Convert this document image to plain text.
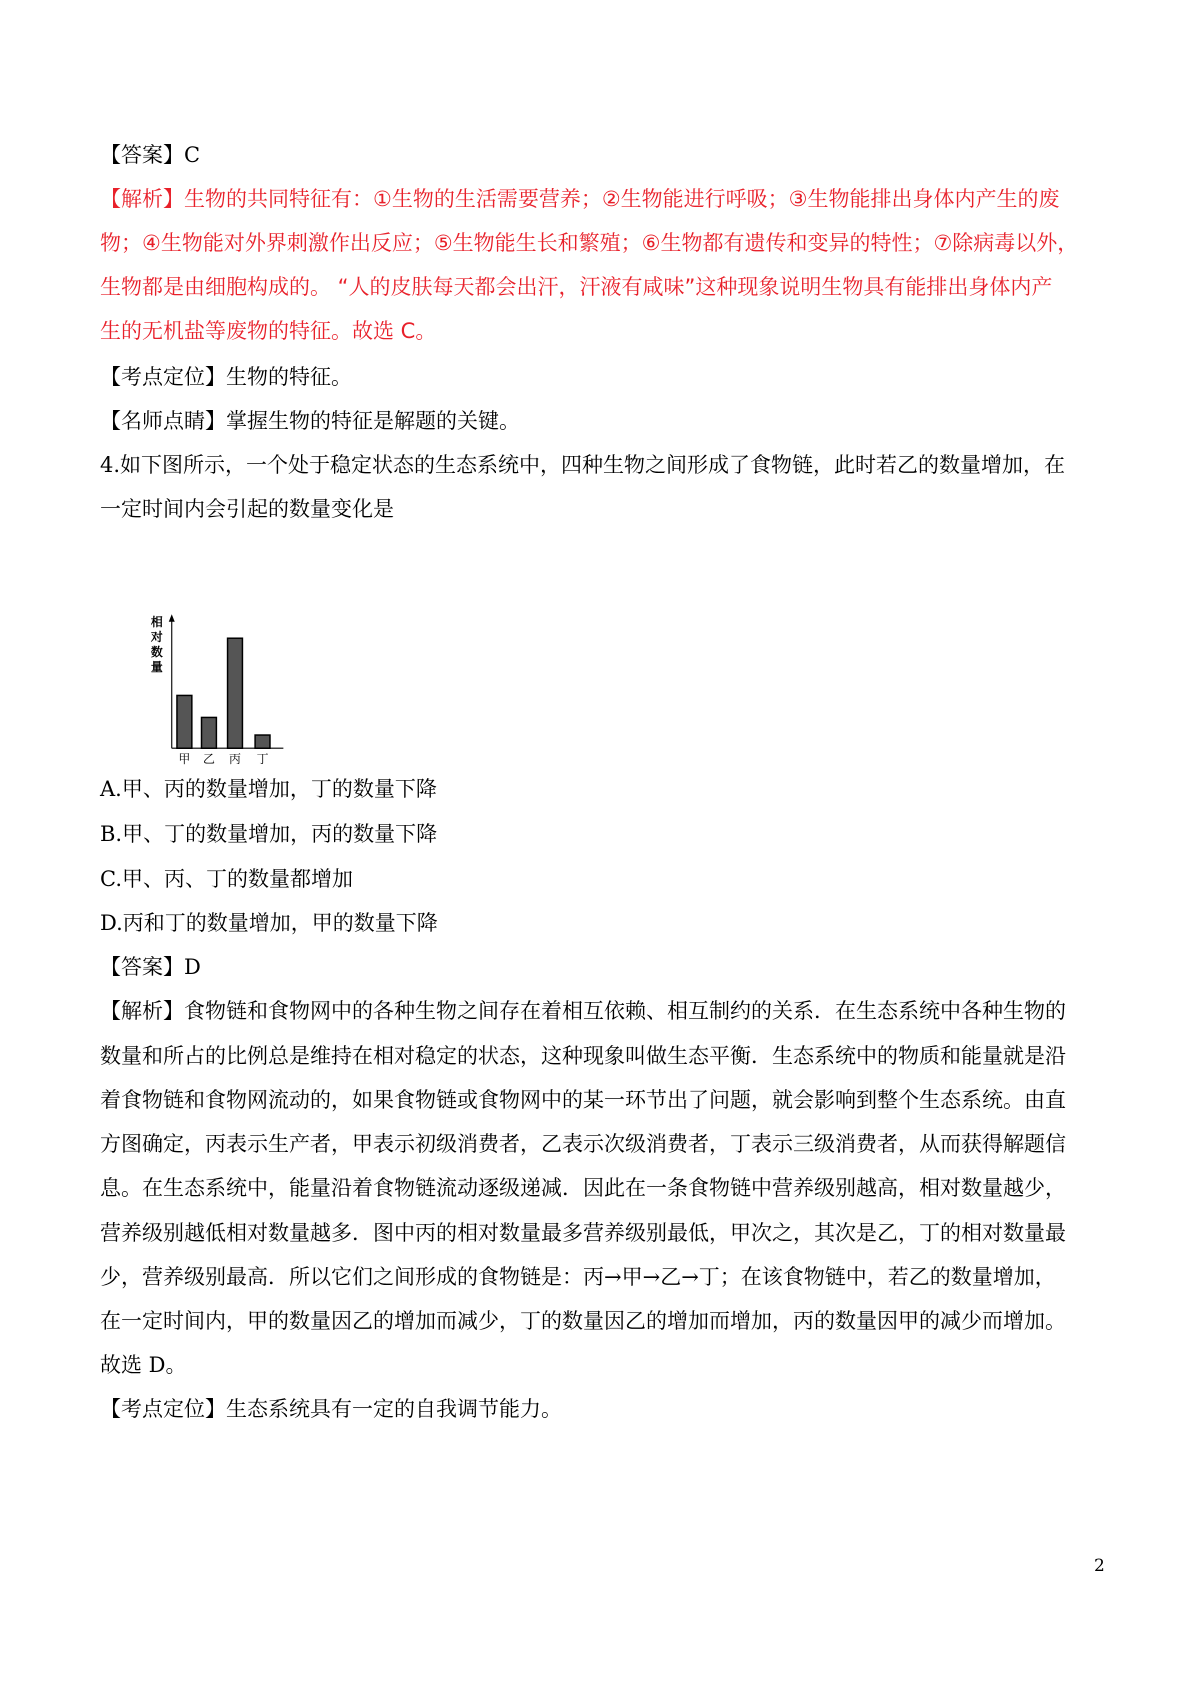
【答案】C
【解析】生物的共同特征有：①生物的生活需要营养；②生物能进行呼吸；③生物能排出身体内产生的废
物；④生物能对外界刺激作出反应；⑤生物能生长和繁殖；⑥生物都有遗传和变异的特性；⑦除病毒以外，
生物都是由细胞构成的。 “人的皮肤每天都会出汗，汗液有咸味”这种现象说明生物具有能排出身体内产
生的无机盐等废物的特征。故选 C。
【考点定位】生物的特征。
【名师点睛】掌握生物的特征是解题的关键。
4.如下图所示，一个处于稳定状态的生态系统中，四种生物之间形成了食物链，此时若乙的数量增加，在
一定时间内会引起的数量变化是
相
对
数
量
甲 乙 丙 丁
A.甲、丙的数量增加，丁的数量下降
B.甲、丁的数量增加，丙的数量下降
C.甲、丙、丁的数量都增加
D.丙和丁的数量增加，甲的数量下降
【答案】D
【解析】食物链和食物网中的各种生物之间存在着相互依赖、相互制约的关系．在生态系统中各种生物的
数量和所占的比例总是维持在相对稳定的状态，这种现象叫做生态平衡．生态系统中的物质和能量就是沿
着食物链和食物网流动的，如果食物链或食物网中的某一环节出了问题，就会影响到整个生态系统。由直
方图确定，丙表示生产者，甲表示初级消费者，乙表示次级消费者，丁表示三级消费者，从而获得解题信
息。在生态系统中，能量沿着食物链流动逐级递减．因此在一条食物链中营养级别越高，相对数量越少，
营养级别越低相对数量越多．图中丙的相对数量最多营养级别最低，甲次之，其次是乙，丁的相对数量最
少，营养级别最高．所以它们之间形成的食物链是：丙→甲→乙→丁；在该食物链中，若乙的数量增加，
在一定时间内，甲的数量因乙的增加而减少，丁的数量因乙的增加而增加，丙的数量因甲的减少而增加。
故选 D。
【考点定位】生态系统具有一定的自我调节能力。
2
